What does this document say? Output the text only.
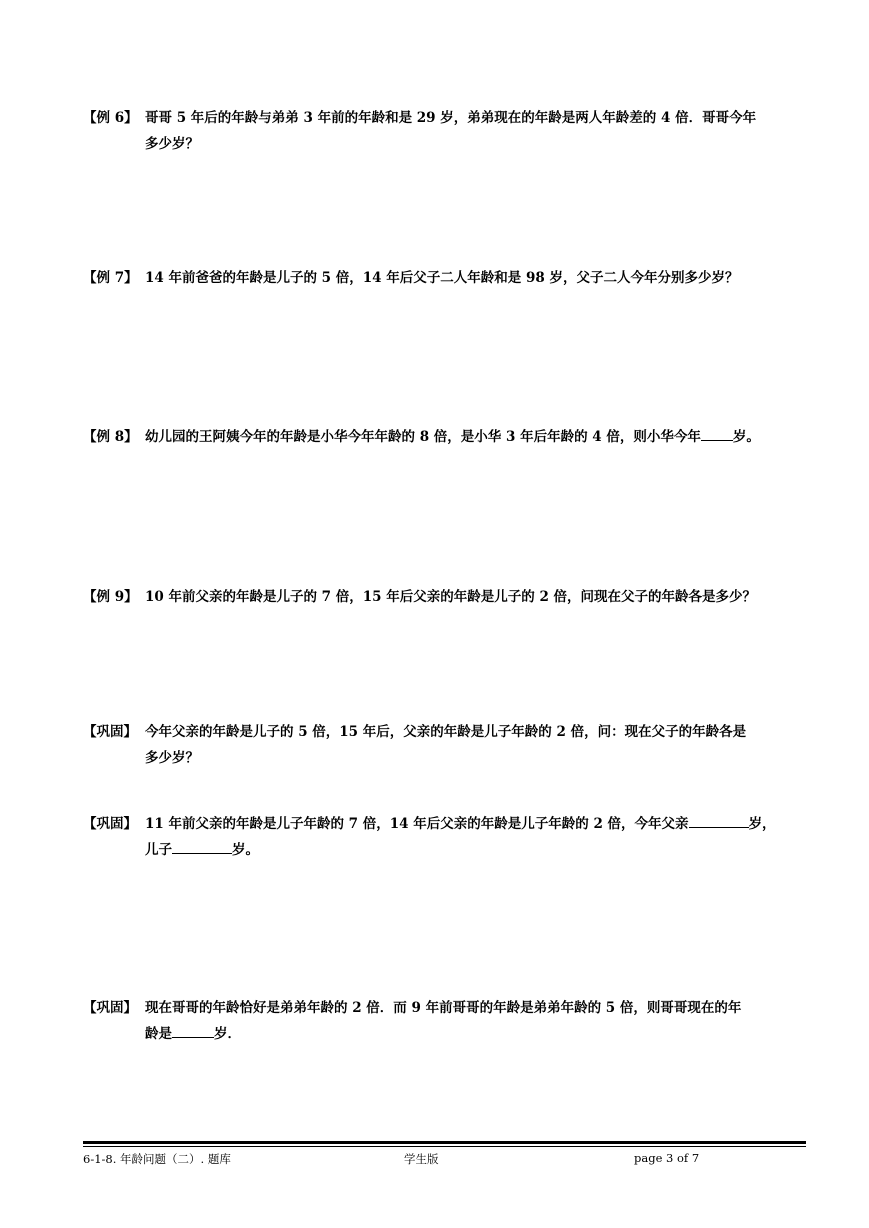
【例 6】 哥哥 5 年后的年龄与弟弟 3 年前的年龄和是 29 岁，弟弟现在的年龄是两人年龄差的 4 倍．哥哥今年
多少岁？
【例 7】 14 年前爸爸的年龄是儿子的 5 倍，14 年后父子二人年龄和是 98 岁，父子二人今年分别多少岁？
【例 8】 幼儿园的王阿姨今年的年龄是小华今年年龄的 8 倍，是小华 3 年后年龄的 4 倍，则小华今年 岁。
【例 9】 10 年前父亲的年龄是儿子的 7 倍，15 年后父亲的年龄是儿子的 2 倍，问现在父子的年龄各是多少？
【巩固】 今年父亲的年龄是儿子的 5 倍，15 年后，父亲的年龄是儿子年龄的 2 倍，问：现在父子的年龄各是
多少岁？
【巩固】 11 年前父亲的年龄是儿子年龄的 7 倍，14 年后父亲的年龄是儿子年龄的 2 倍，今年父亲	岁，
儿子	岁。
【巩固】 现在哥哥的年龄恰好是弟弟年龄的 2 倍．而 9 年前哥哥的年龄是弟弟年龄的 5 倍，则哥哥现在的年
龄是	岁．
6-1-8. 年龄问题（二）. 题库	学生版	page 3 of 7
